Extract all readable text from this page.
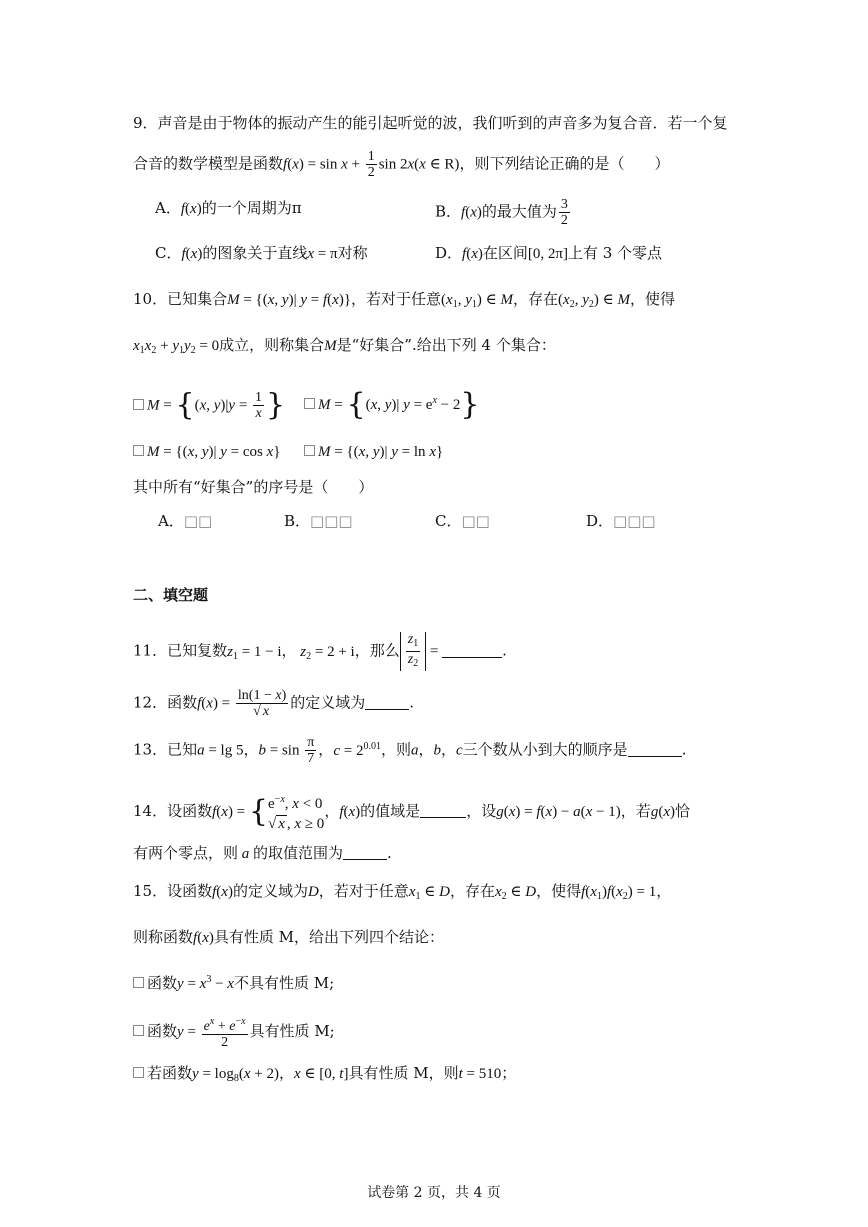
9．声音是由于物体的振动产生的能引起听觉的波，我们听到的声音多为复合音．若一个复
合音的数学模型是函数$f(x) = \sin x + \frac{1}{2}$ sin 2x(x ∈ R)，则下列结论正确的是（　　）
A．f(x)的一个周期为π	B．f(x)的最大值为 $\frac{3}{2}$
C．f(x)的图象关于直线x = π对称	D．f(x)在区间[0, 2π]上有 3 个零点
10．已知集合M = {(x, y)| y = f(x)}，若对于任意($x_1$, $y_1$) ∈ M，存在($x_2$, $y_2$) ∈ M，使得
$x_1x_2 + y_1y_2 = 0$成立，则称集合M是“好集合”.给出下列 4 个集合：
M = {(x, $y)|y = \frac{1}{x}$ }	M = {(x, y)| $y = e^x - 2$}
M = {(x, y)| y = cos x}	M = {(x, y)| y = ln x}
其中所有“好集合”的序号是（　　）
A．□□	B．□□□	C．□□	D．□□□
二、填空题
11．已知复数$z_1 = 1 - i$， $z_2 = 2 + i$，那么 $\frac{z_1}{z_2}$ =	.
12．函数$f(x) = \frac{\ln(1 - x)}{√ x}$ 的定义域为	.
13．已知a = lg 5，$b = \sin \frac{\pi}{7}$ ，$c = 2^{0.01}$，则a，b，c三个数从小到大的顺序是	.
14．设函数f(x) = { $e^{-x}$, x < 0
√ x , x ≥ 0
，f(x)的值域是	，设g(x) = f(x) − a(x − 1)，若g(x)恰
有两个零点，则 a 的取值范围为	.
15．设函数f(x)的定义域为D，若对于任意$x_1$ ∈ D，存在$x_2$ ∈ D，使得$f(x_1)f(x_2) = 1$，
则称函数f(x)具有性质 M，给出下列四个结论：
函数$y = x^3 - x$不具有性质 M;
函数$y = \frac{e^x + e^{-x}}{2}$ 具有性质 M;
若函数$y = \log_8(x + 2)$，x ∈ [0, t]具有性质 M，则t = 510；
试卷第 2 页，共 4 页
